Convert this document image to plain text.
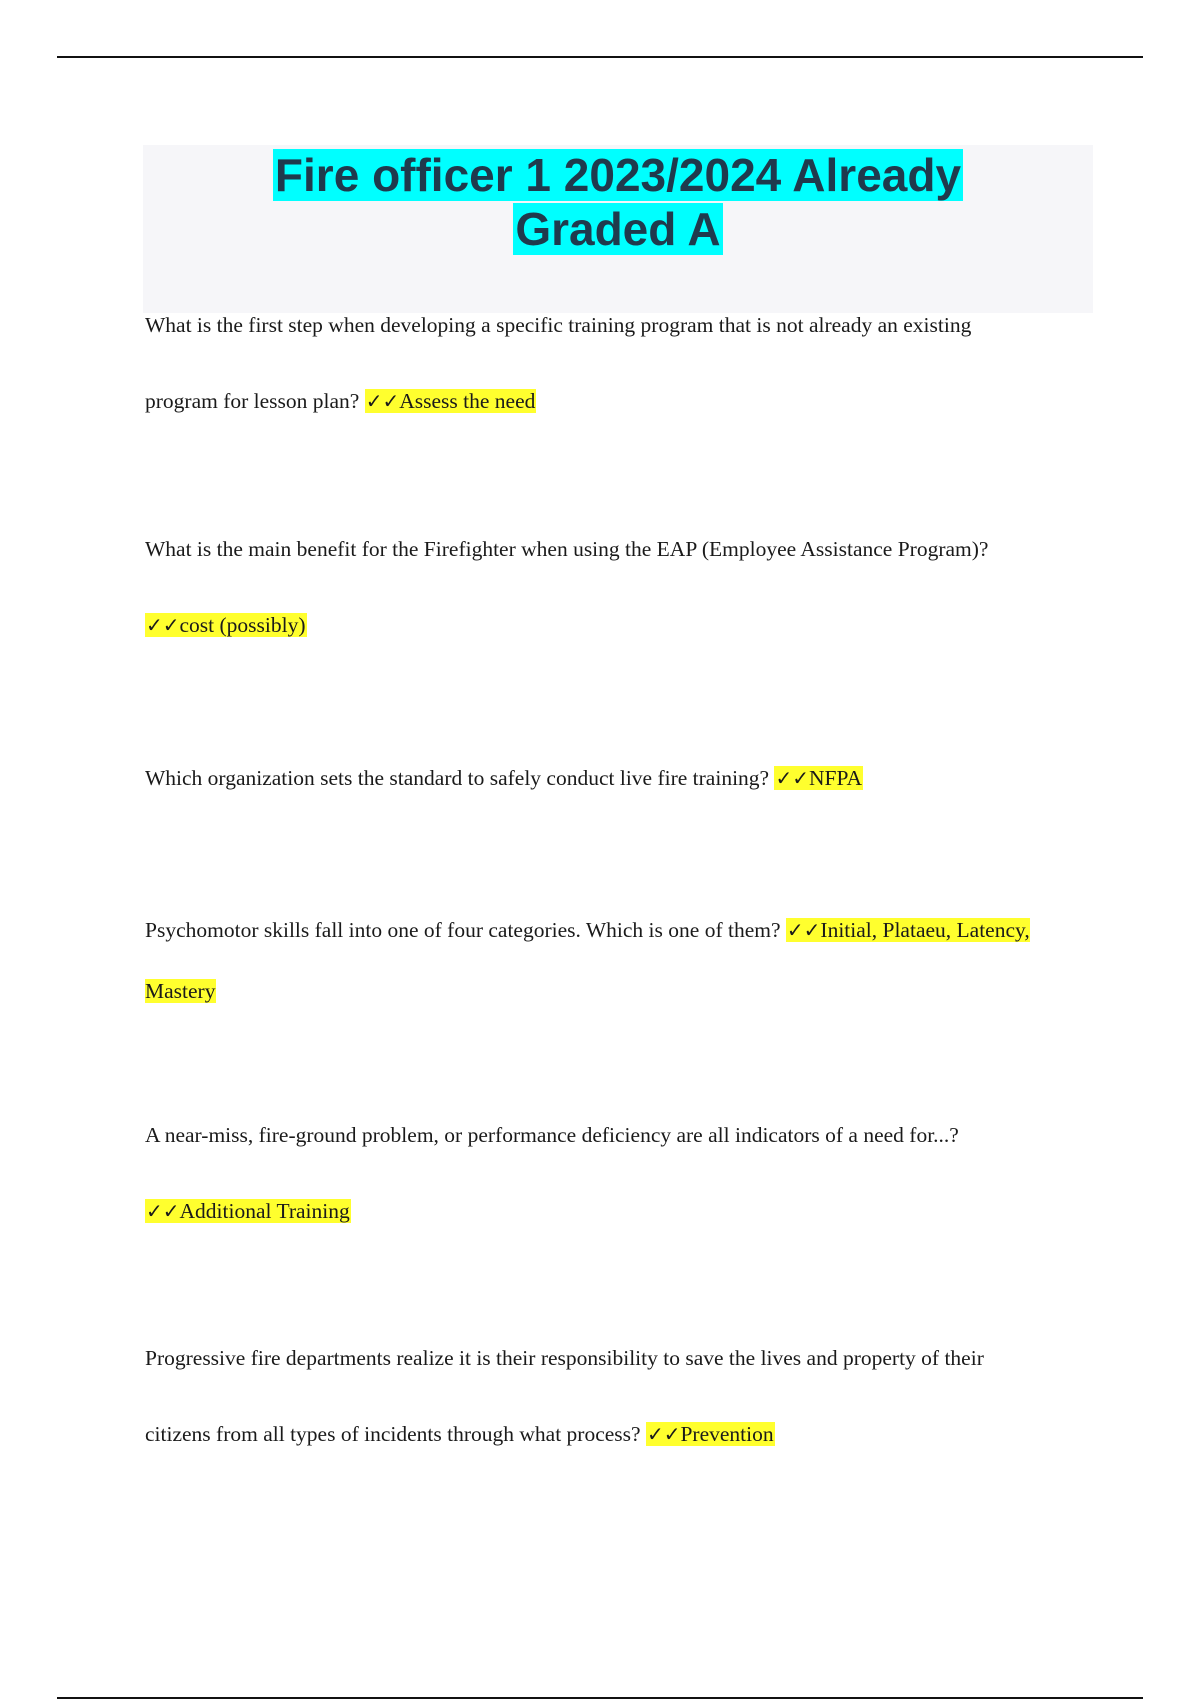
Fire officer 1 2023/2024 Already
Graded A
What is the first step when developing a specific training program that is not already an existing program for lesson plan? ✓✓Assess the need
What is the main benefit for the Firefighter when using the EAP (Employee Assistance Program)? ✓✓cost (possibly)
Which organization sets the standard to safely conduct live fire training? ✓✓NFPA
Psychomotor skills fall into one of four categories. Which is one of them? ✓✓Initial, Plataeu, Latency, Mastery
A near-miss, fire-ground problem, or performance deficiency are all indicators of a need for...? ✓✓Additional Training
Progressive fire departments realize it is their responsibility to save the lives and property of their citizens from all types of incidents through what process? ✓✓Prevention
